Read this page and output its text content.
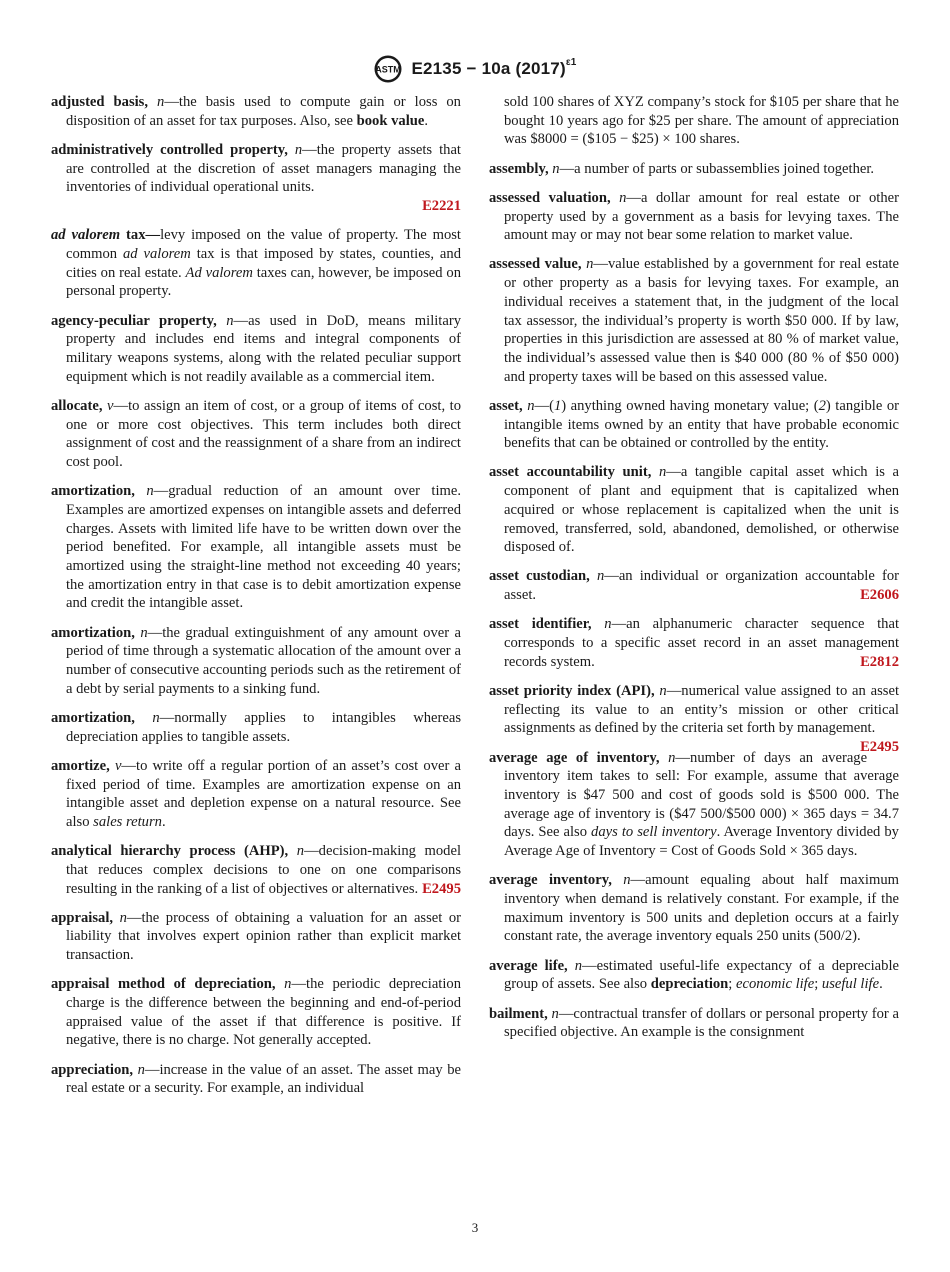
ASTM E2135 − 10a $(2017)^{\varepsilon 1}$

adjusted basis, n—the basis used to compute gain or loss on disposition of an asset for tax purposes. Also, see book value.

administratively controlled property, n—the property assets that are controlled at the discretion of asset managers managing the inventories of individual operational units.
E2221

ad valorem tax—levy imposed on the value of property. The most common ad valorem tax is that imposed by states, counties, and cities on real estate. Ad valorem taxes can, however, be imposed on personal property.

agency-peculiar property, n—as used in DoD, means military property and includes end items and integral components of military weapons systems, along with the related peculiar support equipment which is not readily available as a commercial item.

allocate, v—to assign an item of cost, or a group of items of cost, to one or more cost objectives. This term includes both direct assignment of cost and the reassignment of a share from an indirect cost pool.

amortization, n—gradual reduction of an amount over time. Examples are amortized expenses on intangible assets and deferred charges. Assets with limited life have to be written down over the period benefited. For example, all intangible assets must be amortized using the straight-line method not exceeding 40 years; the amortization entry in that case is to debit amortization expense and credit the intangible asset.

amortization, n—the gradual extinguishment of any amount over a period of time through a systematic allocation of the amount over a number of consecutive accounting periods such as the retirement of a debt by serial payments to a sinking fund.

amortization, n—normally applies to intangibles whereas depreciation applies to tangible assets.

amortize, v—to write off a regular portion of an asset’s cost over a fixed period of time. Examples are amortization expense on an intangible asset and depletion expense on a natural resource. See also sales return.

analytical hierarchy process (AHP), n—decision-making model that reduces complex decisions to one on one comparisons resulting in the ranking of a list of objectives or alternatives. E2495

appraisal, n—the process of obtaining a valuation for an asset or liability that involves expert opinion rather than explicit market transaction.

appraisal method of depreciation, n—the periodic depreciation charge is the difference between the beginning and end-of-period appraised value of the asset if that difference is positive. If negative, there is no charge. Not generally accepted.

appreciation, n—increase in the value of an asset. The asset may be real estate or a security. For example, an individual

sold 100 shares of XYZ company’s stock for $105 per share that he bought 10 years ago for $25 per share. The amount of appreciation was $8000 = ($105 − $25) × 100 shares.

assembly, n—a number of parts or subassemblies joined together.

assessed valuation, n—a dollar amount for real estate or other property used by a government as a basis for levying taxes. The amount may or may not bear some relation to market value.

assessed value, n—value established by a government for real estate or other property as a basis for levying taxes. For example, an individual receives a statement that, in the judgment of the local tax assessor, the individual’s property is worth $50 000. If by law, properties in this jurisdiction are assessed at 80 % of market value, the individual’s assessed value then is $40 000 (80 % of $50 000) and property taxes will be based on this assessed value.

asset, n—(1) anything owned having monetary value; (2) tangible or intangible items owned by an entity that have probable economic benefits that can be obtained or controlled by the entity.

asset accountability unit, n—a tangible capital asset which is a component of plant and equipment that is capitalized when acquired or whose replacement is capitalized when the unit is removed, transferred, sold, abandoned, demolished, or otherwise disposed of.

asset custodian, n—an individual or organization accountable for asset.	E2606

asset identifier, n—an alphanumeric character sequence that corresponds to a specific asset record in an asset management records system.	E2812

asset priority index (API), n—numerical value assigned to an asset reflecting its value to an entity’s mission or other critical assignments as defined by the criteria set forth by management.
E2495

average age of inventory, n—number of days an average inventory item takes to sell: For example, assume that average inventory is $47 500 and cost of goods sold is $500 000. The average age of inventory is ($47 500/$500 000) × 365 days = 34.7 days. See also days to sell inventory. Average Inventory divided by Average Age of Inventory = Cost of Goods Sold × 365 days.

average inventory, n—amount equaling about half maximum inventory when demand is relatively constant. For example, if the maximum inventory is 500 units and depletion occurs at a fairly constant rate, the average inventory equals 250 units (500/2).

average life, n—estimated useful-life expectancy of a depreciable group of assets. See also depreciation; economic life; useful life.

bailment, n—contractual transfer of dollars or personal property for a specified objective. An example is the consignment

3
